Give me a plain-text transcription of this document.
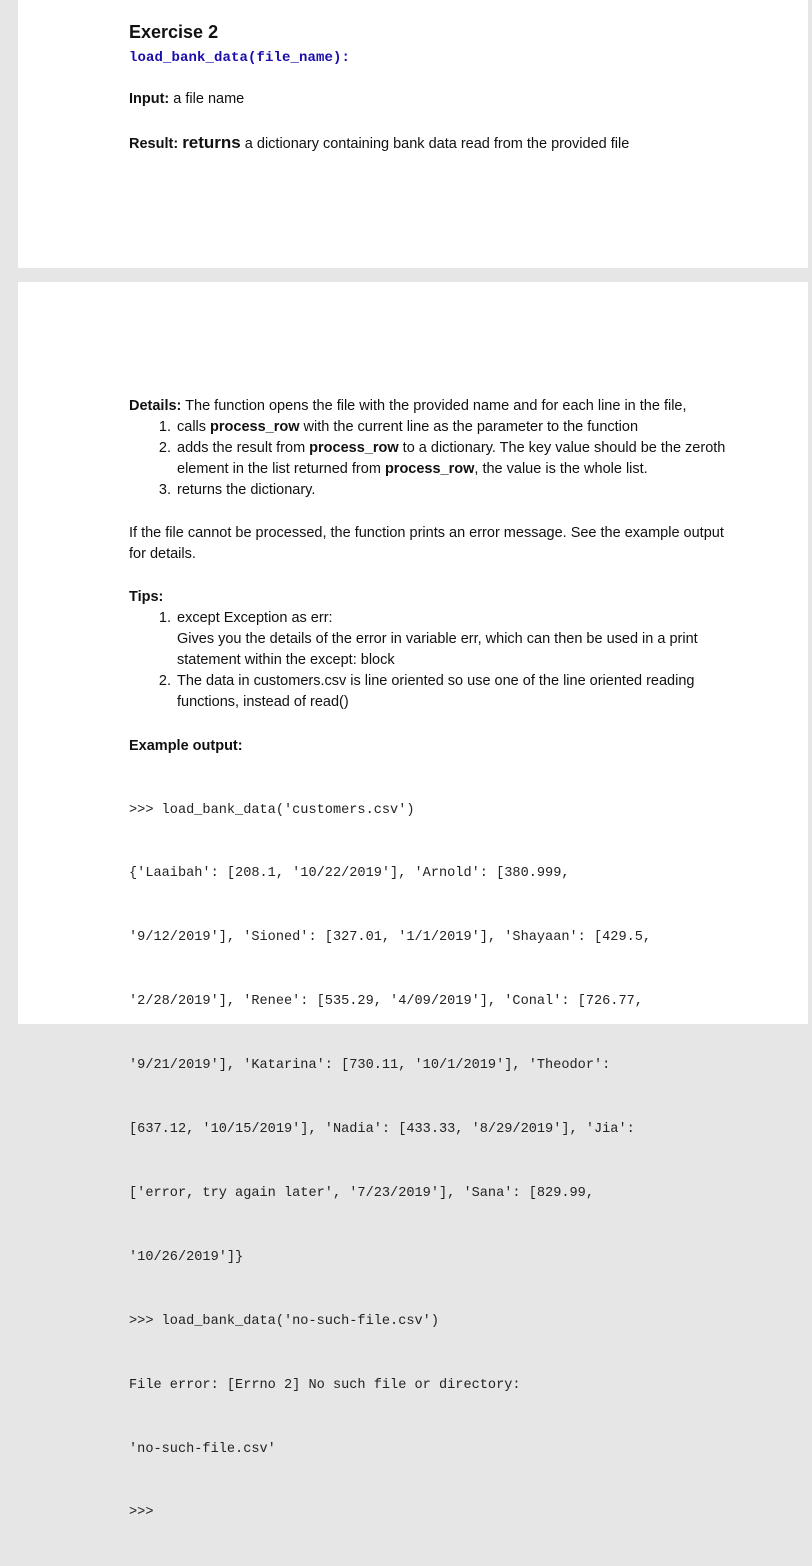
Exercise 2
load_bank_data(file_name):
Input: a file name
Result: returns a dictionary containing bank data read from the provided file
Details: The function opens the file with the provided name and for each line in the file,
1. calls process_row with the current line as the parameter to the function
2. adds the result from process_row to a dictionary. The key value should be the zeroth element in the list returned from process_row, the value is the whole list.
3. returns the dictionary.
If the file cannot be processed, the function prints an error message. See the example output for details.
Tips:
1. except Exception as err:
Gives you the details of the error in variable err, which can then be used in a print statement within the except: block
2. The data in customers.csv is line oriented so use one of the line oriented reading functions, instead of read()
Example output:

>>> load_bank_data('customers.csv')

{'Laaibah': [208.1, '10/22/2019'], 'Arnold': [380.999,

'9/12/2019'], 'Sioned': [327.01, '1/1/2019'], 'Shayaan': [429.5,

'2/28/2019'], 'Renee': [535.29, '4/09/2019'], 'Conal': [726.77,

'9/21/2019'], 'Katarina': [730.11, '10/1/2019'], 'Theodor':

[637.12, '10/15/2019'], 'Nadia': [433.33, '8/29/2019'], 'Jia':

['error, try again later', '7/23/2019'], 'Sana': [829.99,

'10/26/2019']}

>>> load_bank_data('no-such-file.csv')

File error: [Errno 2] No such file or directory:

'no-such-file.csv'

>>>
